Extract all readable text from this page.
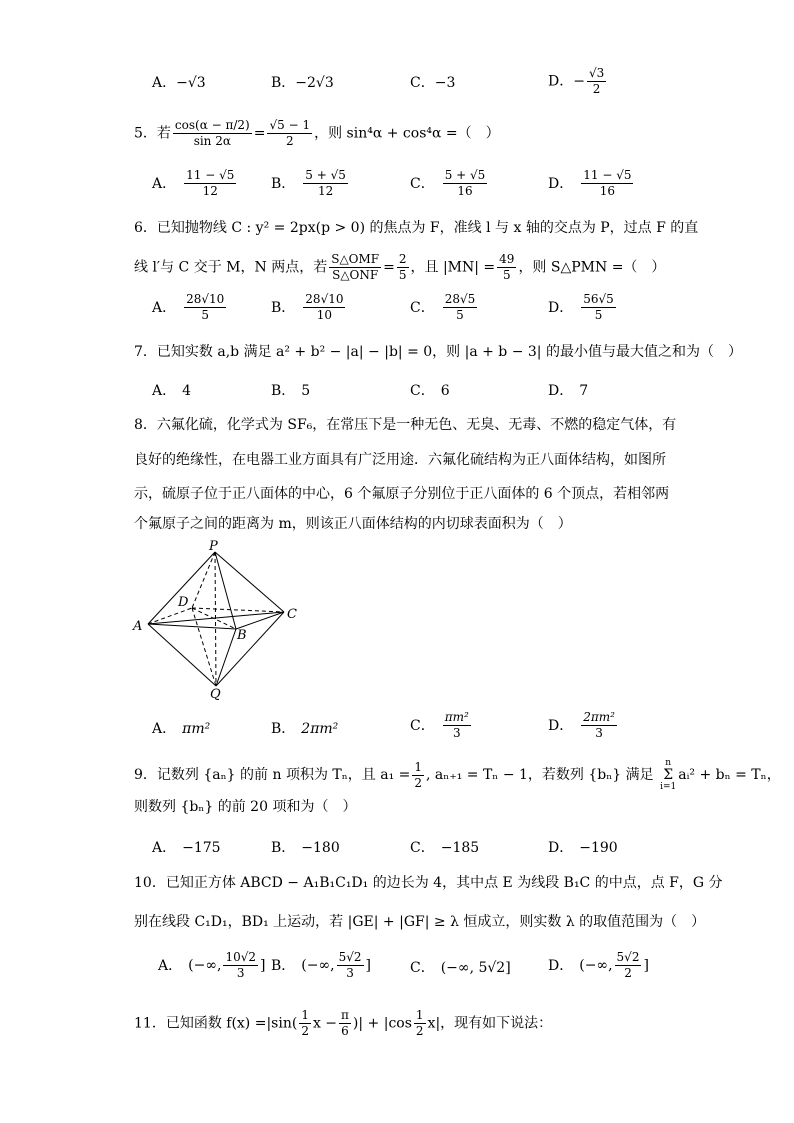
A．−√3	B．−2√3	C．−3	D．− $\frac{√3}{2}$
5．若 $\frac{\cos(\alpha - \pi/2)}{\sin 2\alpha} = \frac{√5 - 1}{2}$ ，则 sin⁴α + cos⁴α =（　）
A． $\frac{11 - √5}{12}$ B． $\frac{5 + √5}{12}$	C． $\frac{5 + √5}{16}$	D． $\frac{11 - √5}{16}$
6．已知抛物线 C : y² = 2px(p > 0) 的焦点为 F，准线 l 与 x 轴的交点为 P，过点 F 的直
线 l′与 C 交于 M，N 两点，若 $\frac{\text{S△OMF}}{\text{S△ONF}} = \frac{2}{5}$ ，且 $|MN| = \frac{49}{5}$ ，则 S△PMN =（　）
A． $\frac{28√10}{5}$	B． $\frac{28√10}{10}$	C． $\frac{28√5}{5}$	D． $\frac{56√5}{5}$
7．已知实数 a,b 满足 a² + b² − |a| − |b| = 0，则 |a + b − 3| 的最小值与最大值之和为（　）
A． 4	B． 5	C． 6	D． 7
8．六氟化硫，化学式为 SF₆，在常压下是一种无色、无臭、无毒、不燃的稳定气体，有
良好的绝缘性，在电器工业方面具有广泛用途．六氟化硫结构为正八面体结构，如图所
示，硫原子位于正八面体的中心，6 个氟原子分别位于正八面体的 6 个顶点，若相邻两
个氟原子之间的距离为 m，则该正八面体结构的内切球表面积为（　）
P
D
A
B
C
Q
A． πm²	B． 2πm²	C． $\frac{\text{πm²}}{3}$	D． $\frac{\text{2πm²}}{3}$
9．记数列 {aₙ} 的前 n 项积为 Tₙ，且 $a_1 = \frac{1}{2}$ , aₙ₊₁ = Tₙ − 1，若数列 {bₙ} 满足
n
Σ
i=1
aᵢ² + bₙ = Tₙ，
则数列 {bₙ} 的前 20 项和为（　）
A． −175	B． −180	C． −185	D． −190
10．已知正方体 ABCD − A₁B₁C₁D₁ 的边长为 4，其中点 E 为线段 B₁C 的中点，点 F，G 分
别在线段 C₁D₁，BD₁ 上运动，若 |GE| + |GF| ≥ λ 恒成立，则实数 λ 的取值范围为（　）
A． (−∞, $\frac{10√2}{3}$ ] B． (−∞, $\frac{5√2}{3}$ ]	C． (−∞, 5√2]	D． (−∞, $\frac{5√2}{2}$ ]
11．已知函数 $f(x) =|\sin( \frac{1}{2}$ $x - \frac{\pi}{6}$ )| + $|\cos \frac{1}{2} x|$，现有如下说法：
